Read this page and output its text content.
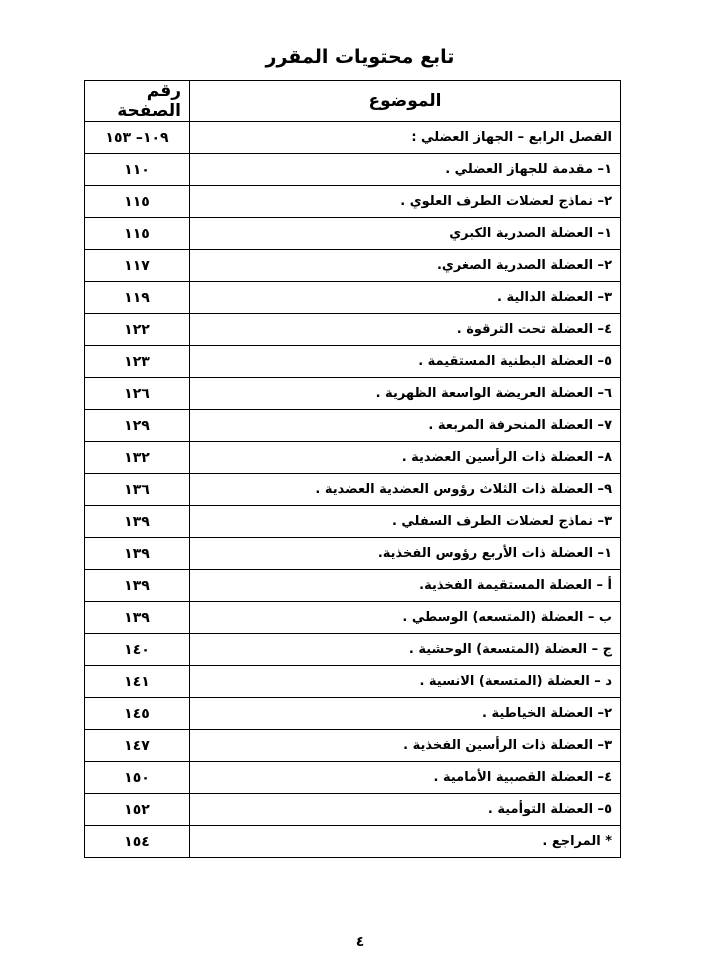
تابع محتويات المقرر
الموضوع	رقم الصفحة
الفصل الرابع – الجهاز العضلي :	١٠٩– ١٥٣
١– مقدمة للجهاز العضلي .	١١٠
٢– نماذج لعضلات الطرف العلوي .	١١٥
١– العضلة الصدرية الكبري	١١٥
٢– العضلة الصدرية الصغري.	١١٧
٣– العضلة الدالية .	١١٩
٤– العضلة تحت الترقوة .	١٢٢
٥– العضلة البطنية المستقيمة .	١٢٣
٦– العضلة العريضة الواسعة الظهرية .	١٢٦
٧– العضلة المنحرفة المربعة .	١٢٩
٨– العضلة ذات الرأسين العضدية .	١٣٢
٩– العضلة ذات الثلاث رؤوس العضدية العضدية .	١٣٦
٣– نماذج لعضلات الطرف السفلي .	١٣٩
١– العضلة ذات الأربع رؤوس الفخذية.	١٣٩
أ – العضلة المستقيمة الفخذية.	١٣٩
ب – العضلة (المتسعه) الوسطي .	١٣٩
ج – العضلة (المتسعة) الوحشية .	١٤٠
د – العضلة (المتسعة) الانسية .	١٤١
٢– العضلة الخياطية .	١٤٥
٣– العضلة ذات الرأسين الفخذية .	١٤٧
٤– العضلة القصبية الأمامية .	١٥٠
٥– العضلة التوأمية .	١٥٢
* المراجع .	١٥٤
٤
